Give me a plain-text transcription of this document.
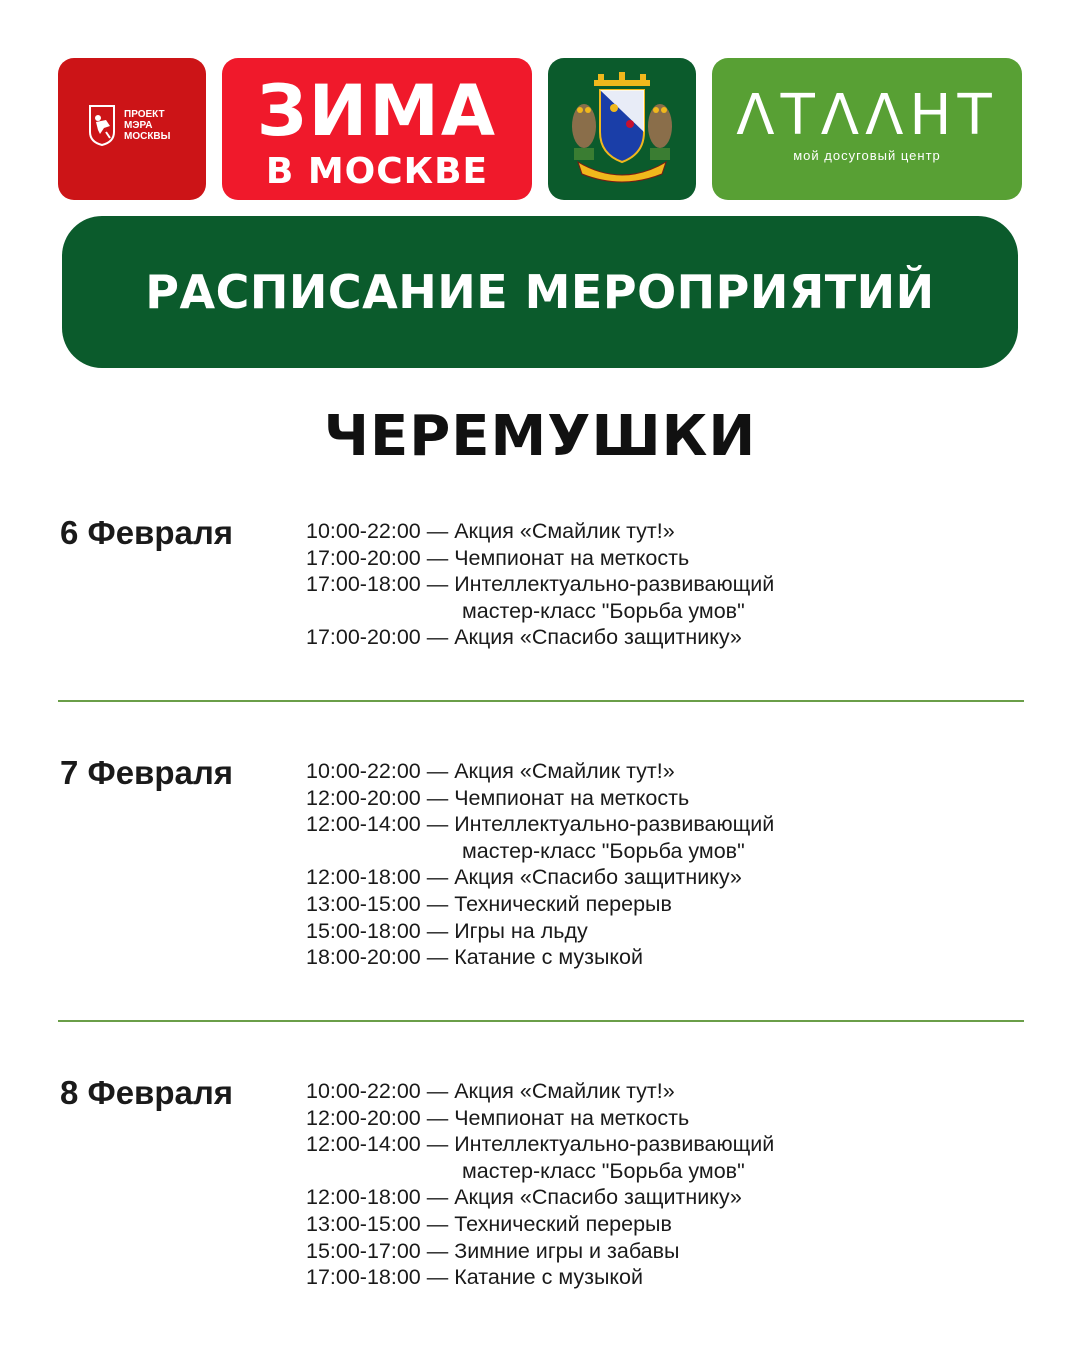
ПРОЕКТ
МЭРА
МОСКВЫ	ЗИМА
В МОСКВЕ
ΛТΛΛНТ
мой досуговый центр
РАСПИСАНИЕ МЕРОПРИЯТИЙ
ЧЕРЕМУШКИ
6 Февраля	10:00-22:00 — Акция «Смайлик тут!»
17:00-20:00 — Чемпионат на меткость
17:00-18:00 — Интеллектуально-развивающий
мастер-класс "Борьба умов"
17:00-20:00 — Акция «Спасибо защитнику»
7 Февраля	10:00-22:00 — Акция «Смайлик тут!»
12:00-20:00 — Чемпионат на меткость
12:00-14:00 — Интеллектуально-развивающий
мастер-класс "Борьба умов"
12:00-18:00 — Акция «Спасибо защитнику»
13:00-15:00 — Технический перерыв
15:00-18:00 — Игры на льду
18:00-20:00 — Катание с музыкой
8 Февраля	10:00-22:00 — Акция «Смайлик тут!»
12:00-20:00 — Чемпионат на меткость
12:00-14:00 — Интеллектуально-развивающий
мастер-класс "Борьба умов"
12:00-18:00 — Акция «Спасибо защитнику»
13:00-15:00 — Технический перерыв
15:00-17:00 — Зимние игры и забавы
17:00-18:00 — Катание с музыкой
